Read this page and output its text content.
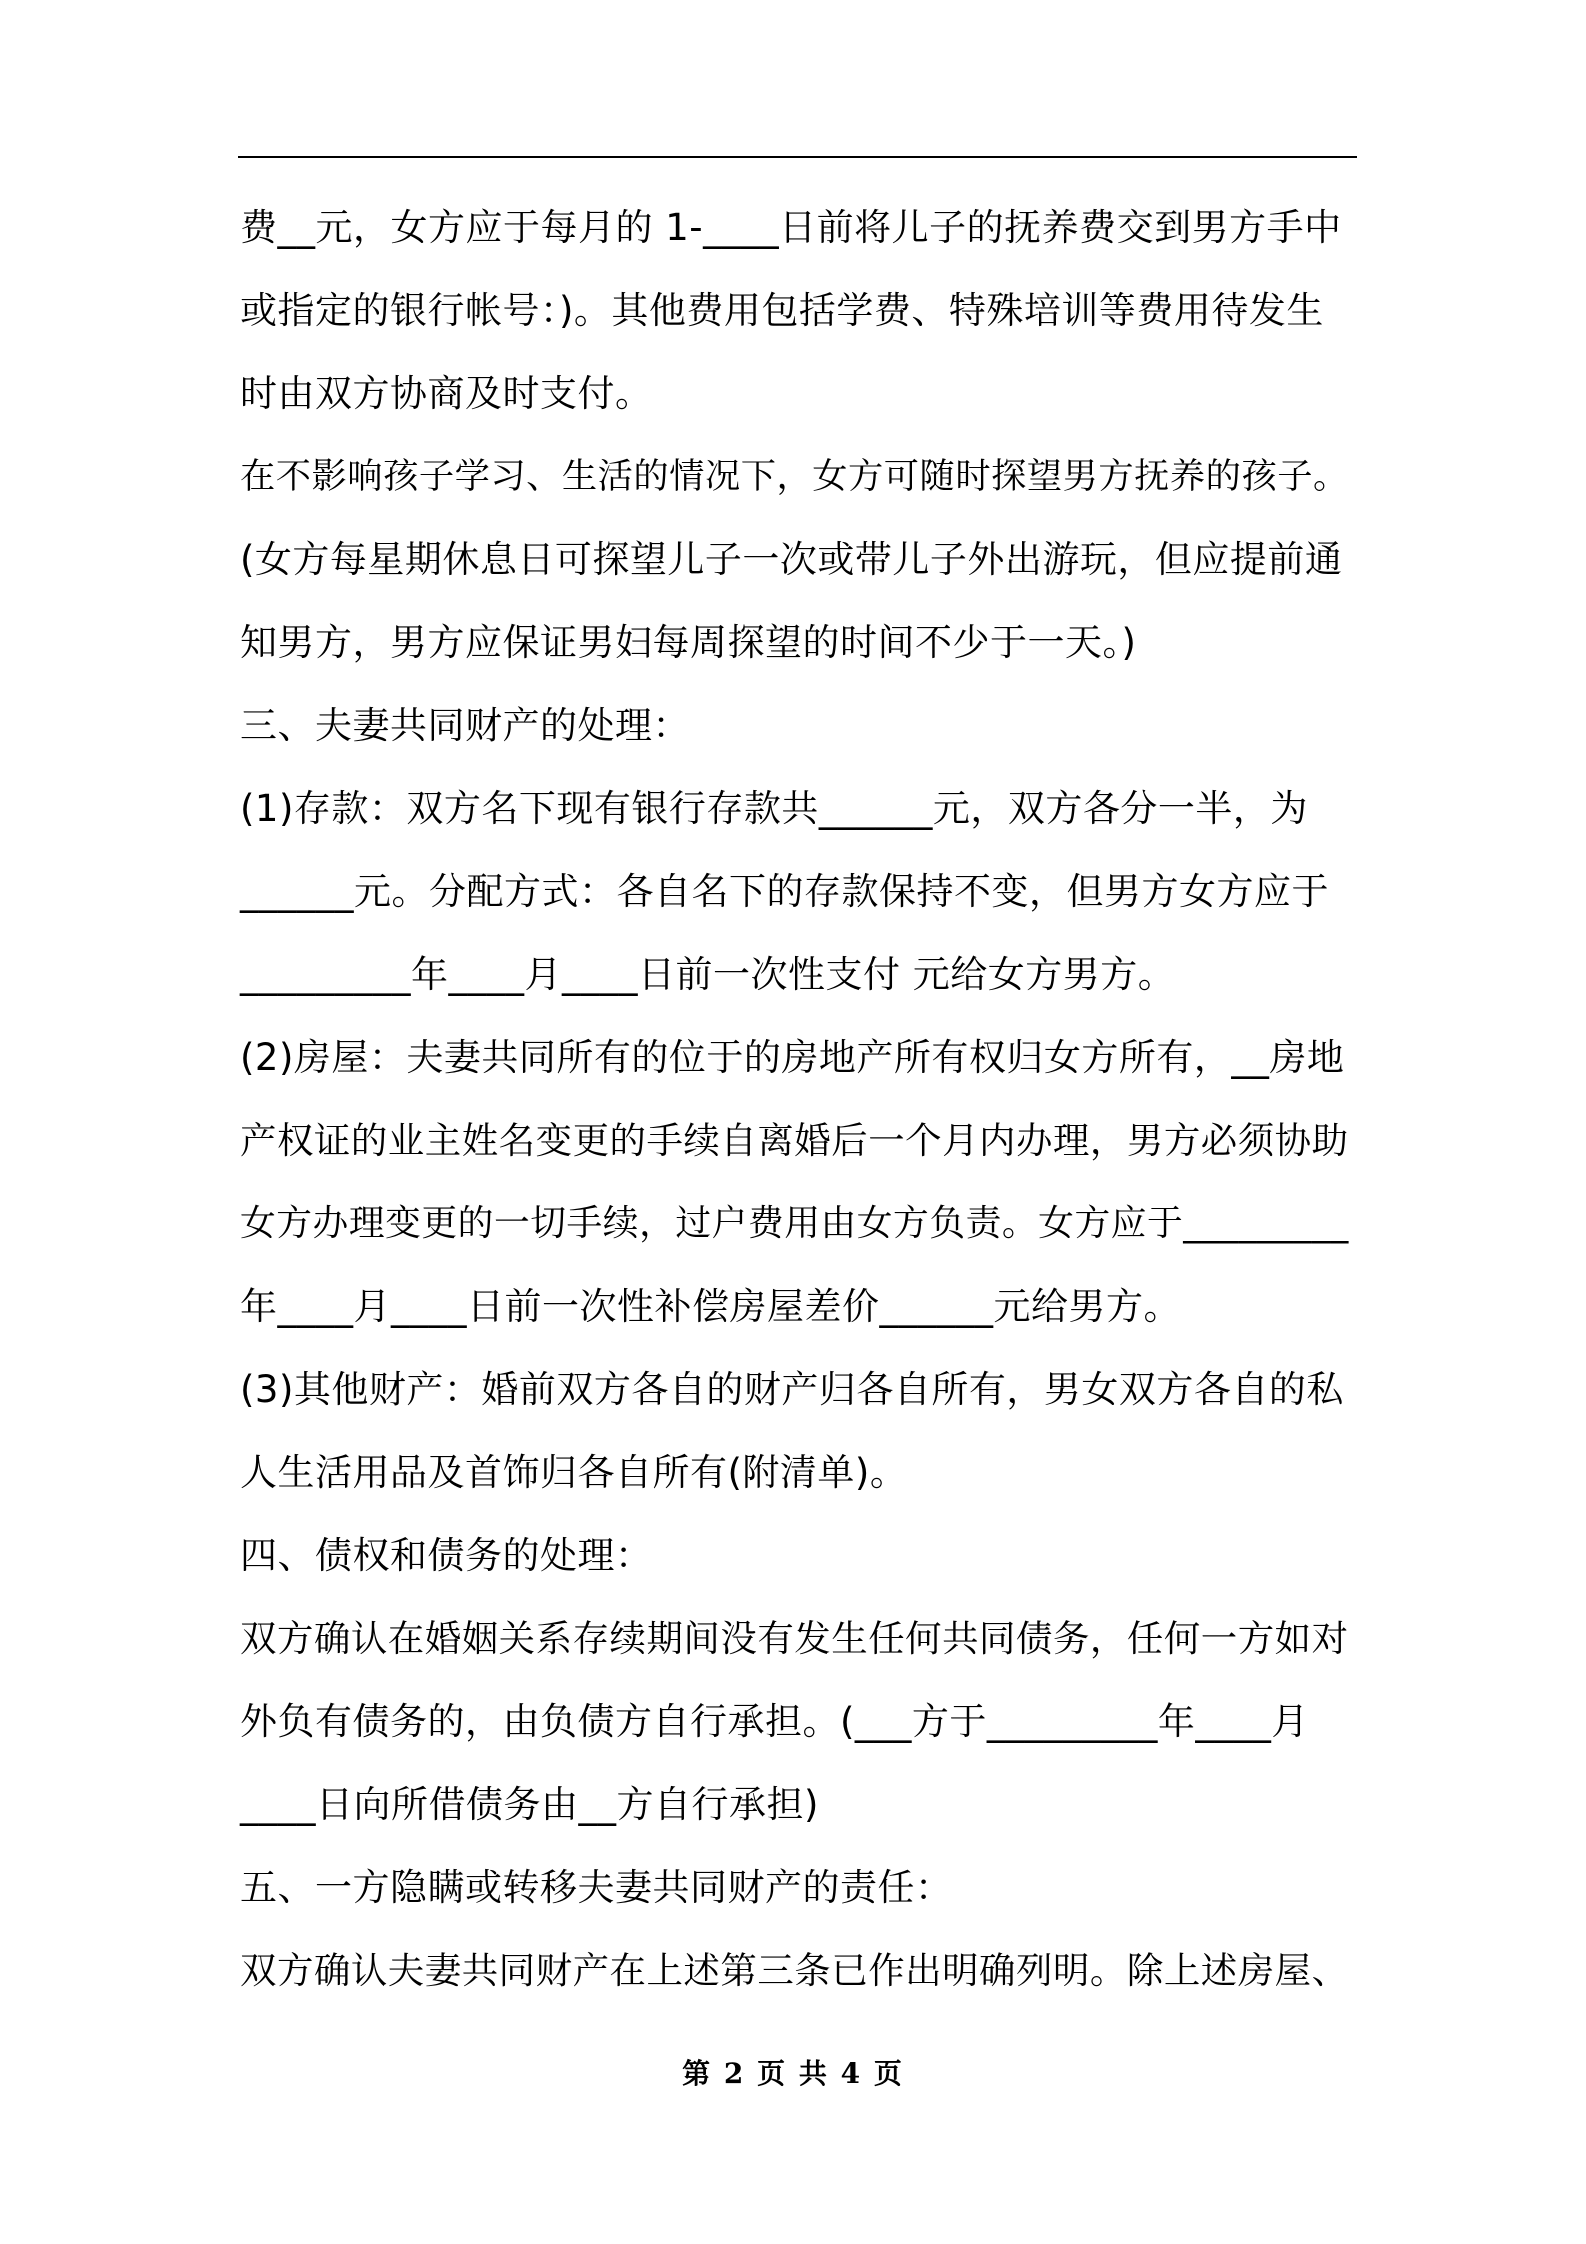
费__元，女方应于每月的 1-____日前将儿子的抚养费交到男方手中
或指定的银行帐号：)。其他费用包括学费、特殊培训等费用待发生
时由双方协商及时支付。
在不影响孩子学习、生活的情况下，女方可随时探望男方抚养的孩子。
(女方每星期休息日可探望儿子一次或带儿子外出游玩，但应提前通
知男方，男方应保证男妇每周探望的时间不少于一天。)
三、夫妻共同财产的处理：
(1)存款：双方名下现有银行存款共______元，双方各分一半，为
______元。分配方式：各自名下的存款保持不变，但男方女方应于
_________年____月____日前一次性支付 元给女方男方。
(2)房屋：夫妻共同所有的位于的房地产所有权归女方所有，__房地
产权证的业主姓名变更的手续自离婚后一个月内办理，男方必须协助
女方办理变更的一切手续，过户费用由女方负责。女方应于_________
年____月____日前一次性补偿房屋差价______元给男方。
(3)其他财产：婚前双方各自的财产归各自所有，男女双方各自的私
人生活用品及首饰归各自所有(附清单)。
四、债权和债务的处理：
双方确认在婚姻关系存续期间没有发生任何共同债务，任何一方如对
外负有债务的，由负债方自行承担。(___方于_________年____月
____日向所借债务由__方自行承担)
五、一方隐瞒或转移夫妻共同财产的责任：
双方确认夫妻共同财产在上述第三条已作出明确列明。除上述房屋、
第 2 页 共 4 页
